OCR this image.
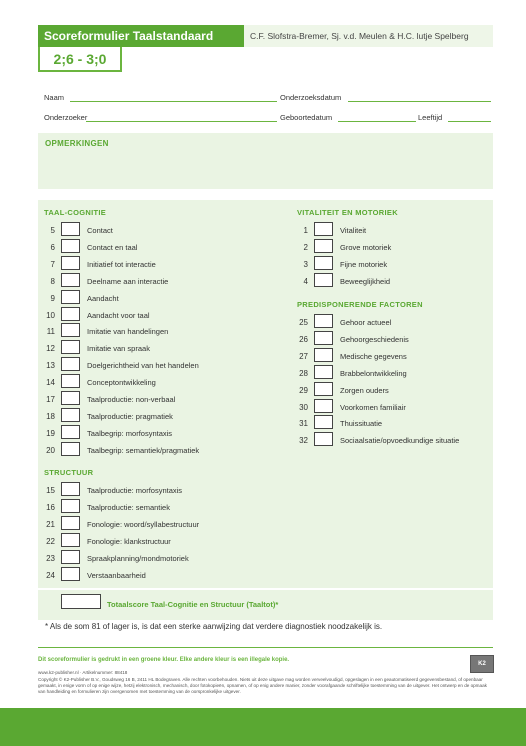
Scoreformulier Taalstandaard	C.F. Slofstra-Bremer, Sj. v.d. Meulen & H.C. lutje Spelberg
2;6 - 3;0
Naam	Onderzoeksdatum
Onderzoeker	Geboortedatum	Leeftijd
OPMERKINGEN
TAAL-COGNITIE
5	Contact
6	Contact en taal
7	Initiatief tot interactie
8	Deelname aan interactie
9	Aandacht
10	Aandacht voor taal
11	Imitatie van handelingen
12	Imitatie van spraak
13	Doelgerichtheid van het handelen
14	Conceptontwikkeling
17	Taalproductie: non-verbaal
18	Taalproductie: pragmatiek
19	Taalbegrip: morfosyntaxis
20	Taalbegrip: semantiek/pragmatiek
STRUCTUUR
15	Taalproductie: morfosyntaxis
16	Taalproductie: semantiek
21	Fonologie: woord/syllabestructuur
22	Fonologie: klankstructuur
23	Spraakplanning/mondmotoriek
24	Verstaanbaarheid
VITALITEIT EN MOTORIEK
1	Vitaliteit
2	Grove motoriek
3	Fijne motoriek
4	Beweeglijkheid
PREDISPONERENDE FACTOREN
25	Gehoor actueel
26	Gehoorgeschiedenis
27	Medische gegevens
28	Brabbelontwikkeling
29	Zorgen ouders
30	Voorkomen familiair
31	Thuissituatie
32	Sociaalsatie/opvoedkundige situatie
Totaalscore Taal-Cognitie en Structuur (Taaltot)*
* Als de som 81 of lager is, is dat een sterke aanwijzing dat verdere diagnostiek noodzakelijk is.
Dit scoreformulier is gedrukt in een groene kleur. Elke andere kleur is een illegale kopie.
www.k2-publisher.nl · Artikelnummer: 88418
Copyright © K2-Publisher B.V., Goudsweg 16 B, 2411 HL Bodegraven. Alle rechten voorbehouden. Niets uit deze uitgave mag worden verveelvoudigd, opgeslagen in een geautomatiseerd gegevensbestand, of openbaar gemaakt, in enige vorm of op enige wijze, hetzij elektronisch, mechanisch, door fotokopieën, opnamen, of op enig andere manier, zonder voorafgaande schriftelijke toestemming van de uitgever. Het ontwerp en de opmaak van handleiding en formulieren zijn overgenomen met toestemming van de oorspronkelijke uitgever.
K2
